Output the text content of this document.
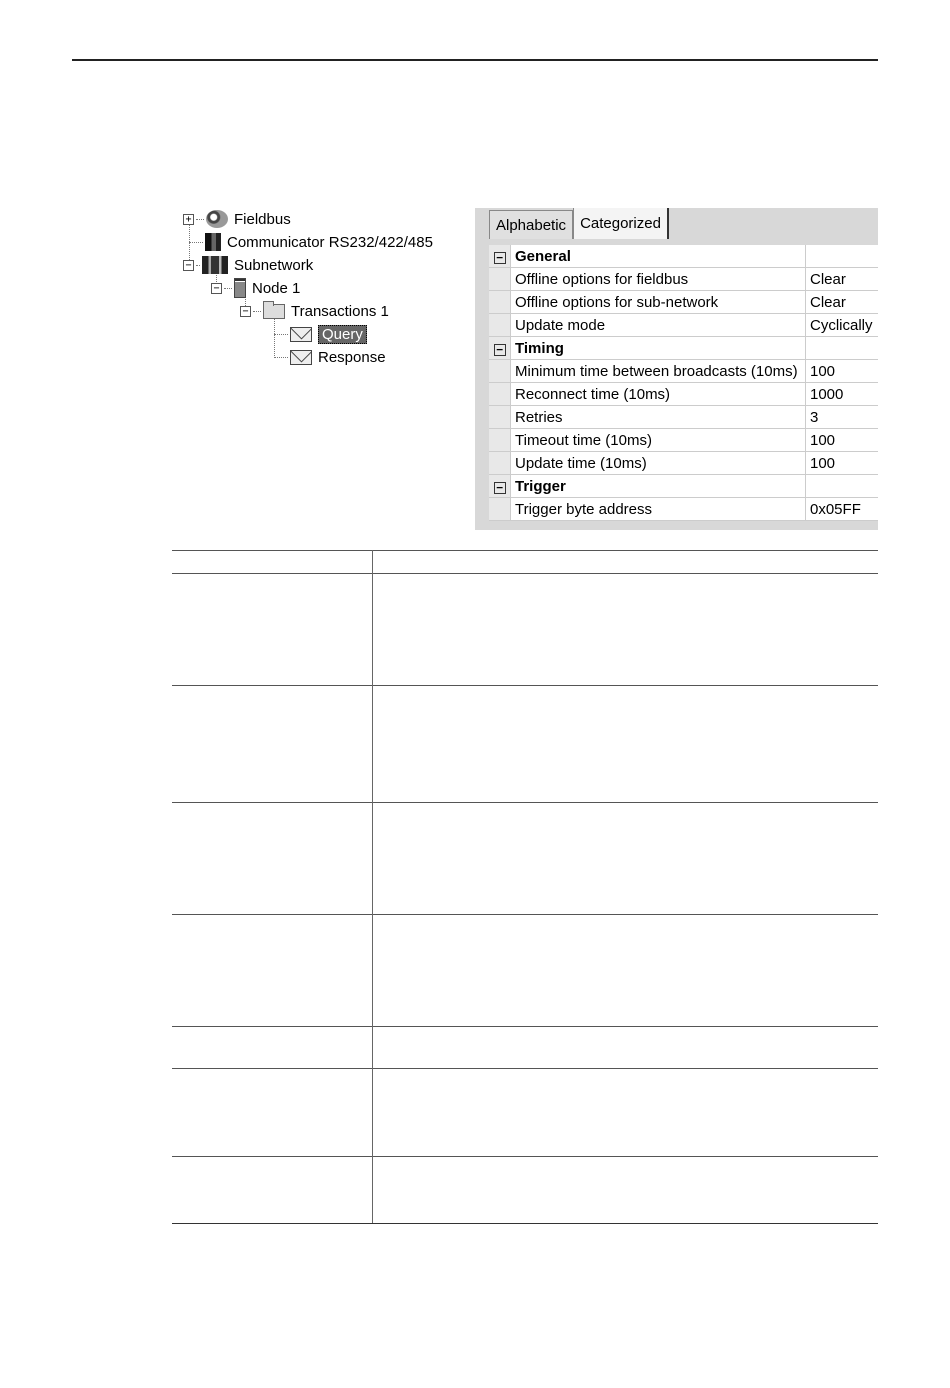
+	Fieldbus
Communicator RS232/422/485
−	Subnetwork
− Node 1
−	Transactions 1
Query
Response
Alphabetic Categorized
−	General	
	Offline options for fieldbus	Clear
	Offline options for sub-network	Clear
	Update mode	Cyclically
−	Timing	
	Minimum time between broadcasts (10ms)	100
	Reconnect time (10ms)	1000
	Retries	3
	Timeout time (10ms)	100
	Update time (10ms)	100
−	Trigger	
	Trigger byte address	0x05FF
